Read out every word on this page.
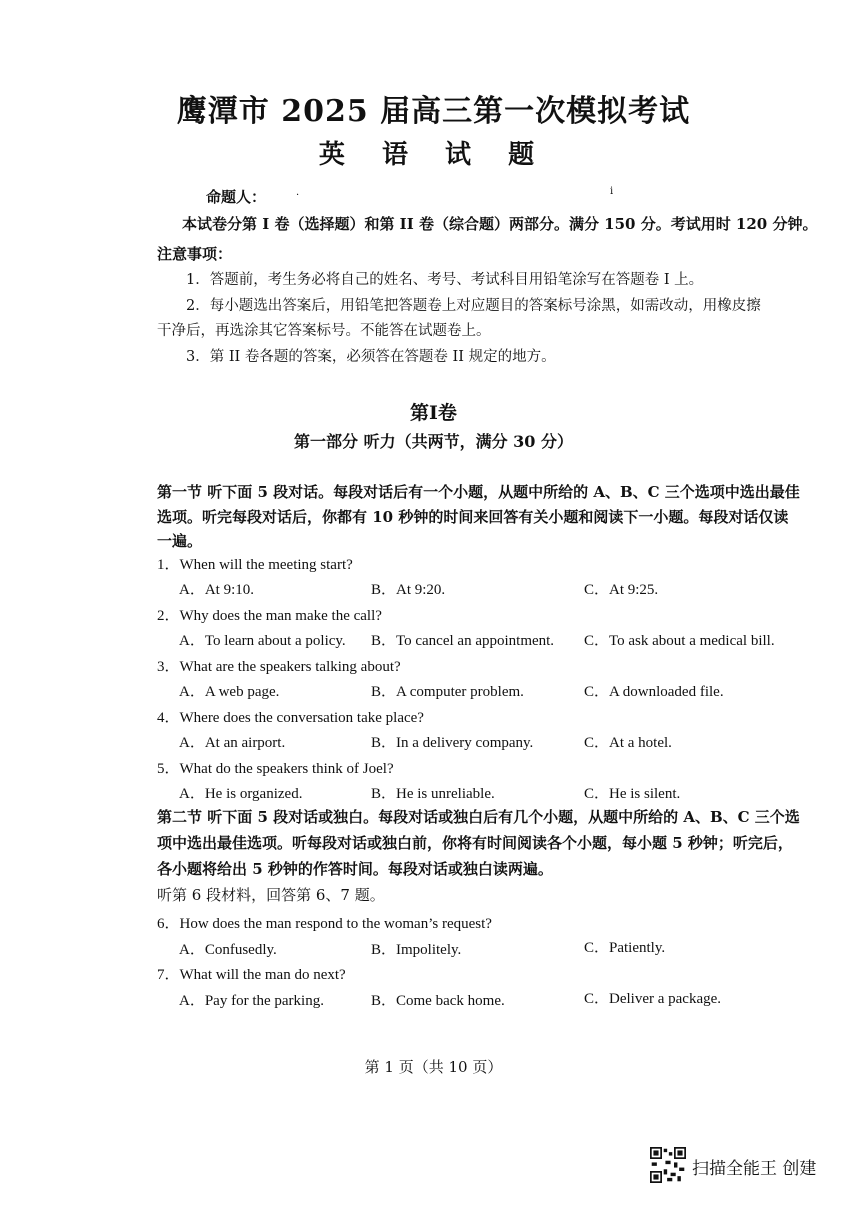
鹰潭市 2025 届高三第一次模拟考试
英 语 试 题
命题人：	·	ⅰ
本试卷分第 I 卷（选择题）和第 II 卷（综合题）两部分。满分 150 分。考试用时 120 分钟。
注意事项：
1．答题前，考生务必将自己的姓名、考号、考试科目用铅笔涂写在答题卷 I 上。
2．每小题选出答案后，用铅笔把答题卷上对应题目的答案标号涂黑，如需改动，用橡皮擦
干净后，再选涂其它答案标号。不能答在试题卷上。
3．第 II 卷各题的答案，必须答在答题卷 II 规定的地方。
第I卷
第一部分 听力（共两节，满分 30 分）
第一节 听下面 5 段对话。每段对话后有一个小题，从题中所给的 A、B、C 三个选项中选出最佳
选项。听完每段对话后，你都有 10 秒钟的时间来回答有关小题和阅读下一小题。每段对话仅读
一遍。
1．When will the meeting start?
A．At 9:10.	B．At 9:20.	C．At 9:25.
2．Why does the man make the call?
A．To learn about a policy. B．To cancel an appointment. C．To ask about a medical bill.
3．What are the speakers talking about?
A．A web page.	B．A computer problem.	C．A downloaded file.
4．Where does the conversation take place?
A．At an airport.	B．In a delivery company.	C．At a hotel.
5．What do the speakers think of Joel?
A．He is organized.	B．He is unreliable.	C．He is silent.
第二节 听下面 5 段对话或独白。每段对话或独白后有几个小题，从题中所给的 A、B、C 三个选
项中选出最佳选项。听每段对话或独白前，你将有时间阅读各个小题，每小题 5 秒钟；听完后，
各小题将给出 5 秒钟的作答时间。每段对话或独白读两遍。
听第 6 段材料，回答第 6、7 题。
6．How does the man respond to the woman’s request?
A．Confusedly.	B．Impolitely.	C．Patiently.
7．What will the man do next?
A．Pay for the parking.	B．Come back home.	C．Deliver a package.
第 1 页（共 10 页）
扫描全能王 创建
